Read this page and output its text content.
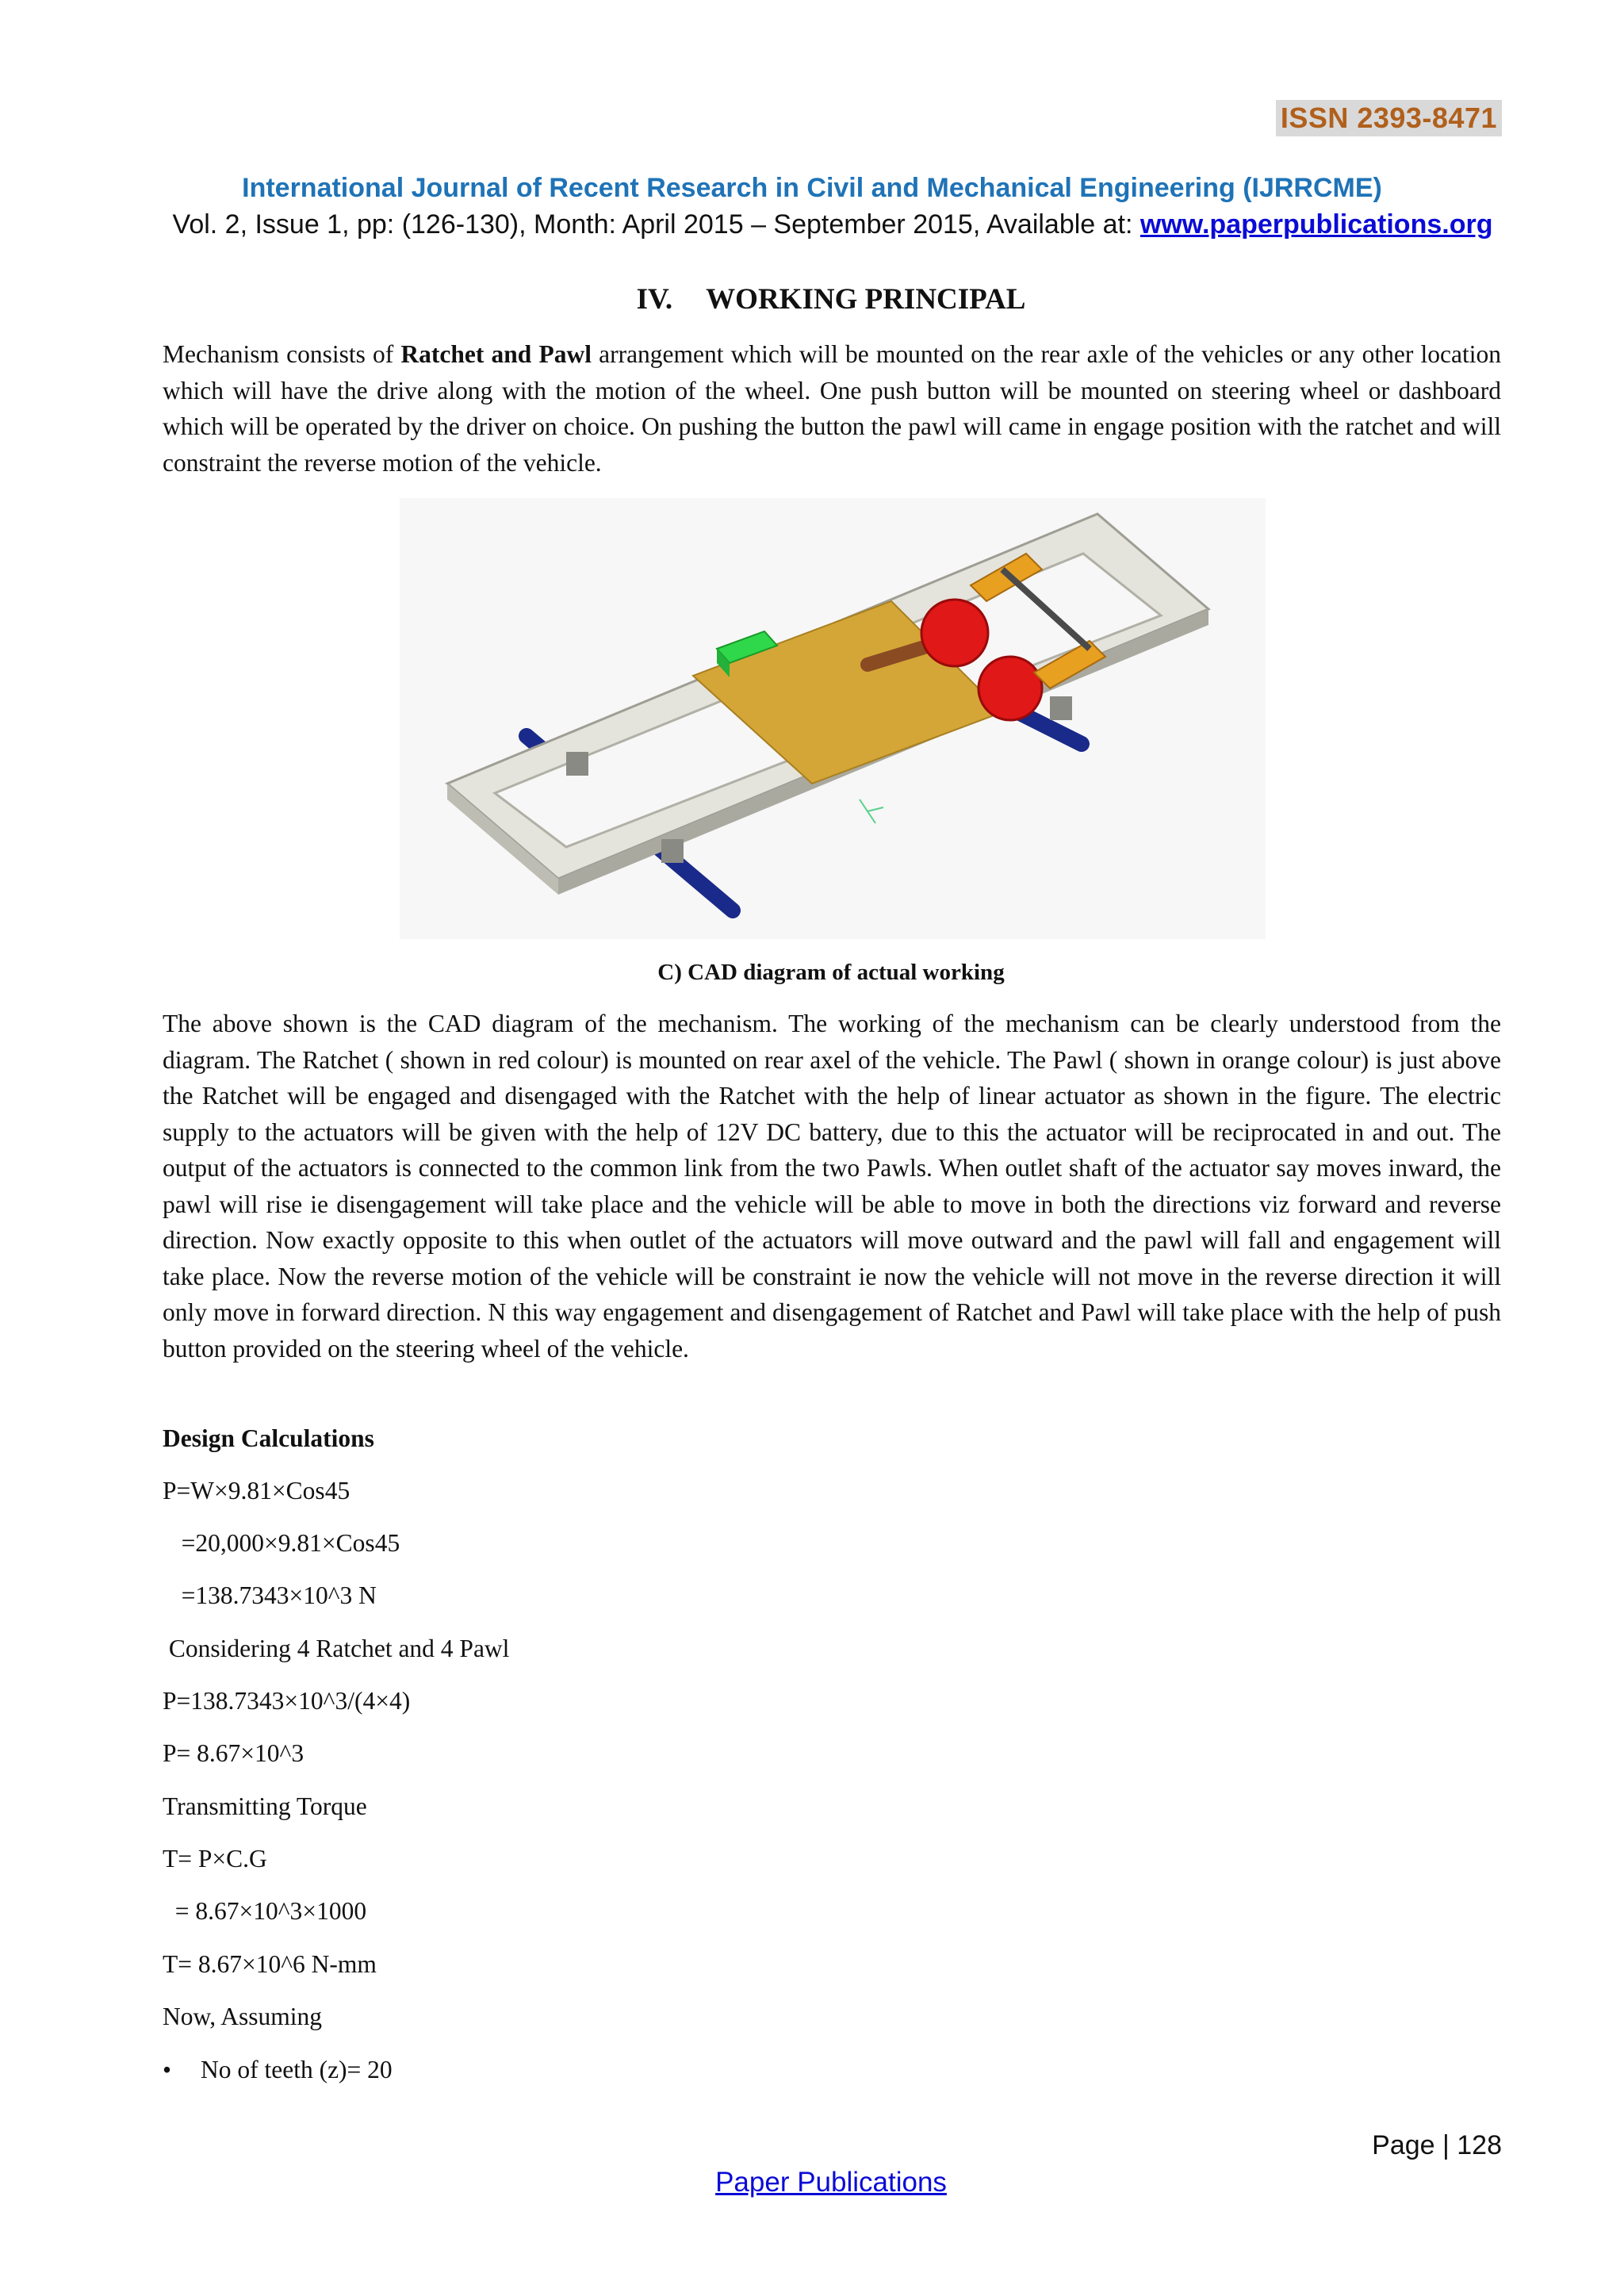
ISSN 2393-8471
International Journal of Recent Research in Civil and Mechanical Engineering (IJRRCME)
Vol. 2, Issue 1, pp: (126-130), Month: April 2015 – September 2015, Available at: www.paperpublications.org
IV. WORKING PRINCIPAL
Mechanism consists of Ratchet and Pawl arrangement which will be mounted on the rear axle of the vehicles or any other location which will have the drive along with the motion of the wheel. One push button will be mounted on steering wheel or dashboard which will be operated by the driver on choice. On pushing the button the pawl will came in engage position with the ratchet and will constraint the reverse motion of the vehicle.
C) CAD diagram of actual working
The above shown is the CAD diagram of the mechanism. The working of the mechanism can be clearly understood from the diagram. The Ratchet ( shown in red colour) is mounted on rear axel of the vehicle. The Pawl ( shown in orange colour) is just above the Ratchet will be engaged and disengaged with the Ratchet with the help of linear actuator as shown in the figure. The electric supply to the actuators will be given with the help of 12V DC battery, due to this the actuator will be reciprocated in and out. The output of the actuators is connected to the common link from the two Pawls. When outlet shaft of the actuator say moves inward, the pawl will rise ie disengagement will take place and the vehicle will be able to move in both the directions viz forward and reverse direction. Now exactly opposite to this when outlet of the actuators will move outward and the pawl will fall and engagement will take place. Now the reverse motion of the vehicle will be constraint ie now the vehicle will not move in the reverse direction it will only move in forward direction. N this way engagement and disengagement of Ratchet and Pawl will take place with the help of push button provided on the steering wheel of the vehicle.
Design Calculations
P=W×9.81×Cos45
=20,000×9.81×Cos45
=138.7343×10^3 N
Considering 4 Ratchet and 4 Pawl
P=138.7343×10^3/(4×4)
P= 8.67×10^3
Transmitting Torque
T= P×C.G
= 8.67×10^3×1000
T= 8.67×10^6 N-mm
Now, Assuming
• No of teeth (z)= 20
Page | 128
Paper Publications
